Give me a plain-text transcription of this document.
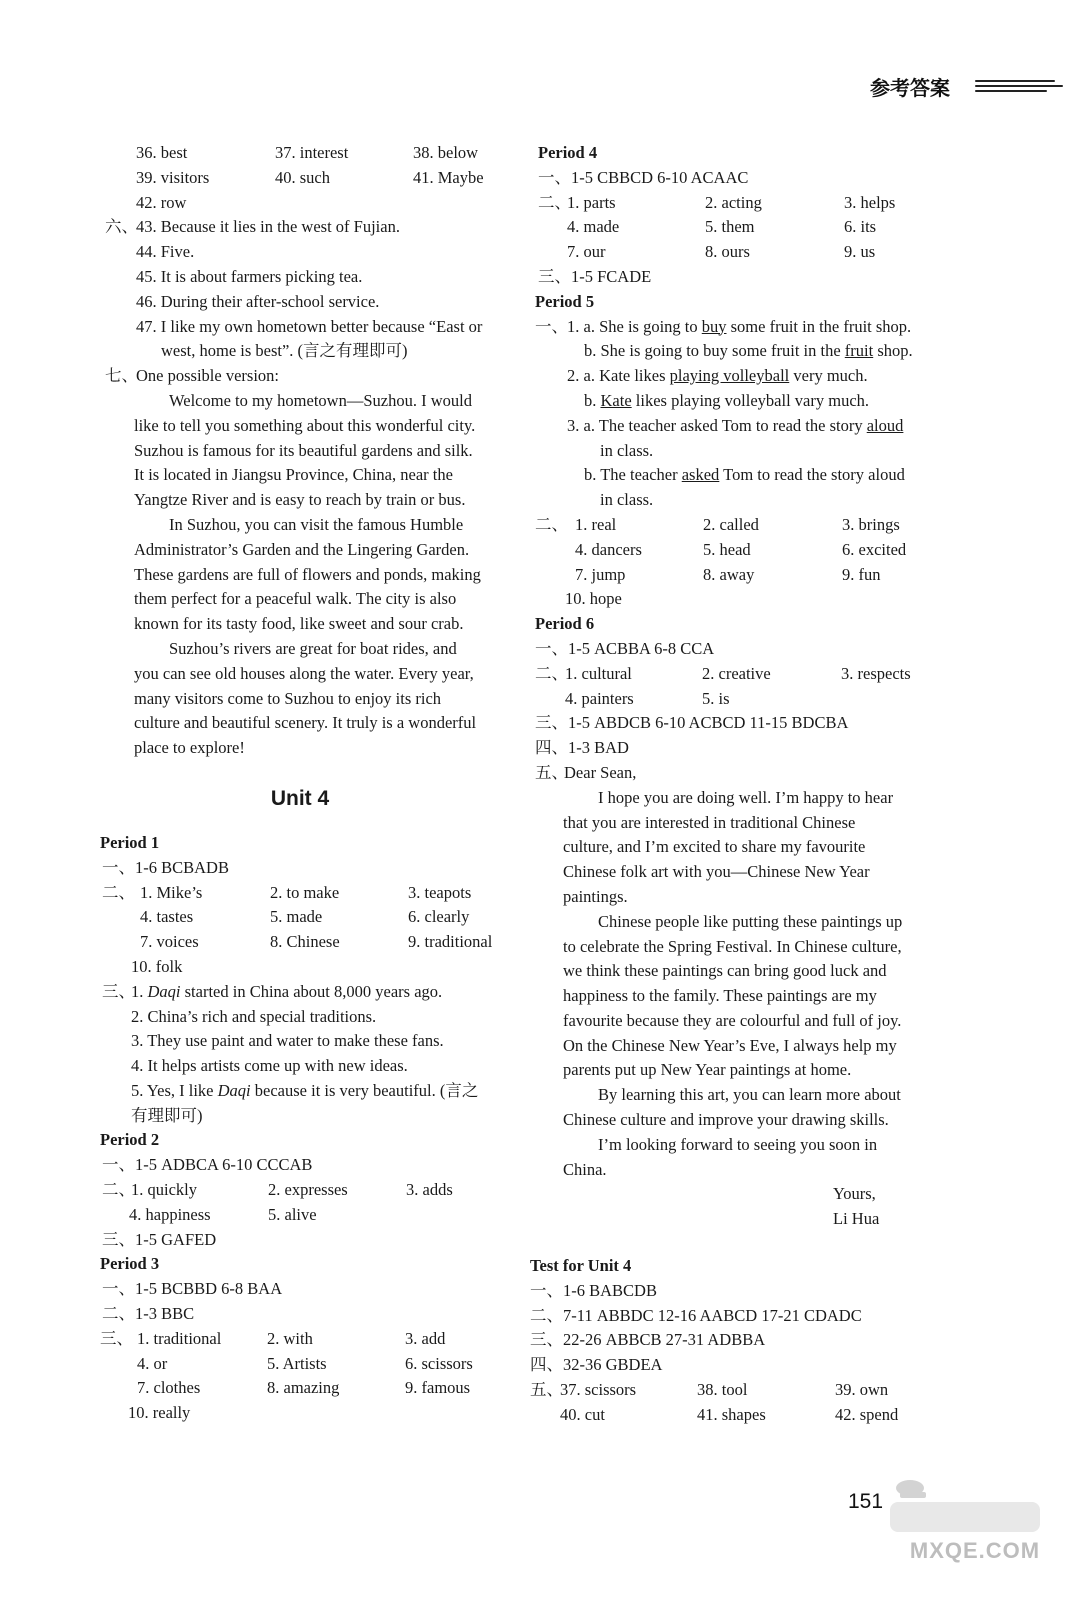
参考答案
36. best	37. interest	38. below
39. visitors	40. such	41. Maybe
42. row
六、
43. Because it lies in the west of Fujian.
44. Five.
45. It is about farmers picking tea.
46. During their after-school service.
47. I like my own hometown better because “East or
west, home is best”. (言之有理即可)
七、
One possible version:
Welcome to my hometown—Suzhou. I would
like to tell you something about this wonderful city.
Suzhou is famous for its beautiful gardens and silk.
It is located in Jiangsu Province, China, near the
Yangtze River and is easy to reach by train or bus.
In Suzhou, you can visit the famous Humble
Administrator’s Garden and the Lingering Garden.
These gardens are full of flowers and ponds, making
them perfect for a peaceful walk. The city is also
known for its tasty food, like sweet and sour crab.
Suzhou’s rivers are great for boat rides, and
you can see old houses along the water. Every year,
many visitors come to Suzhou to enjoy its rich
culture and beautiful scenery. It truly is a wonderful
place to explore!
Unit 4
Period 1
一、1-6 BCBADB
二、 1. Mike’s	2. to make	3. teapots
4. tastes	5. made	6. clearly
7. voices	8. Chinese	9. traditional
10. folk
三、
1. Daqi started in China about 8,000 years ago.
2. China’s rich and special traditions.
3. They use paint and water to make these fans.
4. It helps artists come up with new ideas.
5. Yes, I like Daqi because it is very beautiful. (言之
有理即可)
Period 2
一、1-5 ADBCA 6-10 CCCAB
二、
1. quickly	2. expresses	3. adds
4. happiness	5. alive
三、1-5 GAFED
Period 3
一、1-5 BCBBD 6-8 BAA
二、1-3 BBC
三、 1. traditional	2. with	3. add
4. or	5. Artists	6. scissors
7. clothes	8. amazing	9. famous
10. really
Period 4
一、1-5 CBBCD 6-10 ACAAC
二、
1. parts	2. acting	3. helps
4. made	5. them	6. its
7. our	8. ours	9. us
三、1-5 FCADE
Period 5
一、 1. a. She is going to buy some fruit in the fruit shop.
b. She is going to buy some fruit in the fruit shop.
2. a. Kate likes playing volleyball very much.
b. Kate likes playing volleyball vary much.
3. a. The teacher asked Tom to read the story aloud
in class.
b. The teacher asked Tom to read the story aloud
in class.
二、 1. real	2. called	3. brings
4. dancers	5. head	6. excited
7. jump	8. away	9. fun
10. hope
Period 6
一、1-5 ACBBA 6-8 CCA
二、
1. cultural	2. creative	3. respects
4. painters	5. is
三、1-5 ABDCB 6-10 ACBCD 11-15 BDCBA
四、1-3 BAD
五、
Dear Sean,
I hope you are doing well. I’m happy to hear
that you are interested in traditional Chinese
culture, and I’m excited to share my favourite
Chinese folk art with you—Chinese New Year
paintings.
Chinese people like putting these paintings up
to celebrate the Spring Festival. In Chinese culture,
we think these paintings can bring good luck and
happiness to the family. These paintings are my
favourite because they are colourful and full of joy.
On the Chinese New Year’s Eve, I always help my
parents put up New Year paintings at home.
By learning this art, you can learn more about
Chinese culture and improve your drawing skills.
I’m looking forward to seeing you soon in
China.
Yours,
Li Hua
Test for Unit 4
一、1-6 BABCDB
二、7-11 ABBDC 12-16 AABCD 17-21 CDADC
三、22-26 ABBCB 27-31 ADBBA
四、32-36 GBDEA
五、
37. scissors	38. tool	39. own
40. cut	41. shapes	42. spend
151
MXQE.COM
